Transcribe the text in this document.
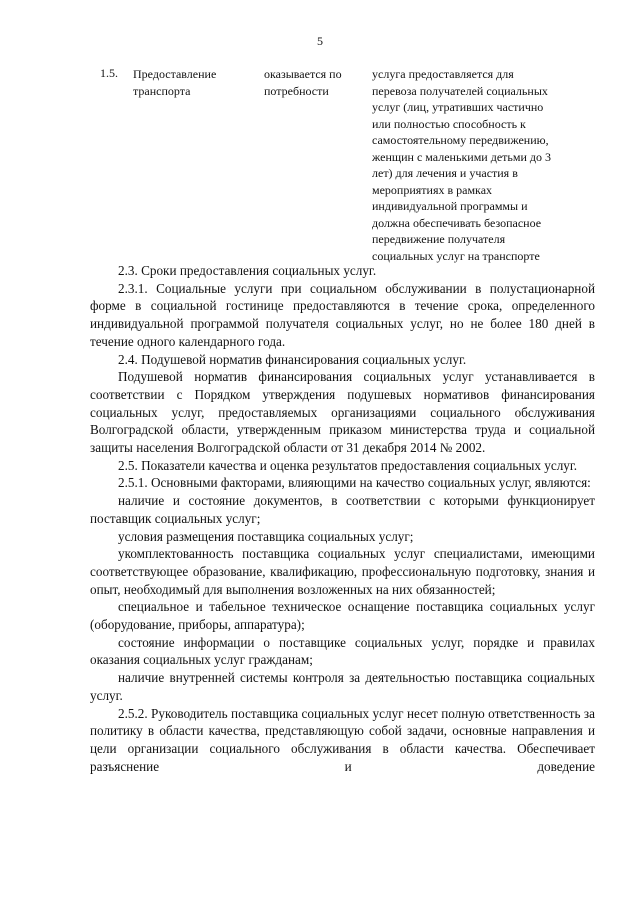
5
1.5. Предоставление транспорта
оказывается по потребности
услуга предоставляется для
перевоза получателей социальных
услуг (лиц, утративших частично
или полностью способность к
самостоятельному передвижению,
женщин с маленькими детьми до 3
лет) для лечения и участия в
мероприятиях в рамках
индивидуальной программы и
должна обеспечивать безопасное
передвижение получателя
социальных услуг на транспорте

2.3. Сроки предоставления социальных услуг.

2.3.1. Социальные услуги при социальном обслуживании в полустационарной форме в социальной гостинице предоставляются в течение срока, определенного индивидуальной программой получателя социальных услуг, но не более 180 дней в течение одного календарного года.

2.4. Подушевой норматив финансирования социальных услуг.

Подушевой норматив финансирования социальных услуг устанавливается в соответствии с Порядком утверждения подушевых нормативов финансирования социальных услуг, предоставляемых организациями социального обслуживания Волгоградской области, утвержденным приказом министерства труда и социальной защиты населения Волгоградской области от 31 декабря 2014 № 2002.

2.5. Показатели качества и оценка результатов предоставления социальных услуг.

2.5.1. Основными факторами, влияющими на качество социальных услуг, являются:

наличие и состояние документов, в соответствии с которыми функционирует поставщик социальных услуг;

условия размещения поставщика социальных услуг;

укомплектованность поставщика социальных услуг специалистами, имеющими соответствующее образование, квалификацию, профессиональную подготовку, знания и опыт, необходимый для выполнения возложенных на них обязанностей;

специальное и табельное техническое оснащение поставщика социальных услуг (оборудование, приборы, аппаратура);

состояние информации о поставщике социальных услуг, порядке и правилах оказания социальных услуг гражданам;

наличие внутренней системы контроля за деятельностью поставщика социальных услуг.

2.5.2. Руководитель поставщика социальных услуг несет полную ответственность за политику в области качества, представляющую собой задачи, основные направления и цели организации социального обслуживания в области качества. Обеспечивает разъяснение и доведение
